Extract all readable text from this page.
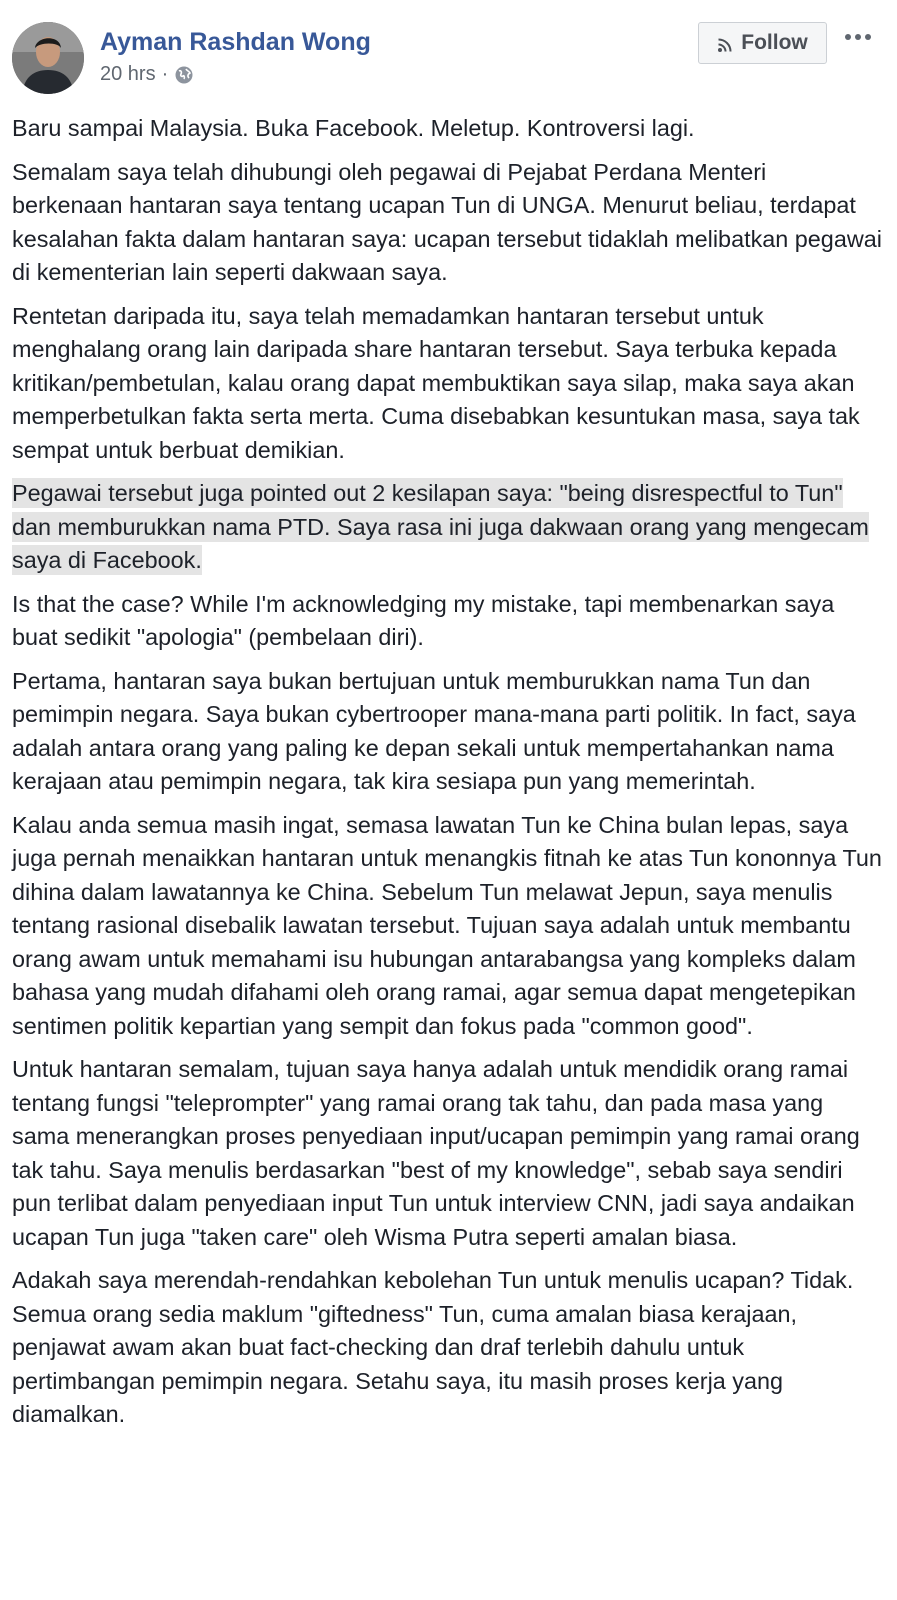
Ayman Rashdan Wong
20 hrs ·
Follow

Baru sampai Malaysia. Buka Facebook. Meletup. Kontroversi lagi.

Semalam saya telah dihubungi oleh pegawai di Pejabat Perdana Menteri berkenaan hantaran saya tentang ucapan Tun di UNGA. Menurut beliau, terdapat kesalahan fakta dalam hantaran saya: ucapan tersebut tidaklah melibatkan pegawai di kementerian lain seperti dakwaan saya.

Rentetan daripada itu, saya telah memadamkan hantaran tersebut untuk menghalang orang lain daripada share hantaran tersebut. Saya terbuka kepada kritikan/pembetulan, kalau orang dapat membuktikan saya silap, maka saya akan memperbetulkan fakta serta merta. Cuma disebabkan kesuntukan masa, saya tak sempat untuk berbuat demikian.

Pegawai tersebut juga pointed out 2 kesilapan saya: "being disrespectful to Tun" dan memburukkan nama PTD. Saya rasa ini juga dakwaan orang yang mengecam saya di Facebook.

Is that the case? While I'm acknowledging my mistake, tapi membenarkan saya buat sedikit "apologia" (pembelaan diri).

Pertama, hantaran saya bukan bertujuan untuk memburukkan nama Tun dan pemimpin negara. Saya bukan cybertrooper mana-mana parti politik. In fact, saya adalah antara orang yang paling ke depan sekali untuk mempertahankan nama kerajaan atau pemimpin negara, tak kira sesiapa pun yang memerintah.

Kalau anda semua masih ingat, semasa lawatan Tun ke China bulan lepas, saya juga pernah menaikkan hantaran untuk menangkis fitnah ke atas Tun kononnya Tun dihina dalam lawatannya ke China. Sebelum Tun melawat Jepun, saya menulis tentang rasional disebalik lawatan tersebut. Tujuan saya adalah untuk membantu orang awam untuk memahami isu hubungan antarabangsa yang kompleks dalam bahasa yang mudah difahami oleh orang ramai, agar semua dapat mengetepikan sentimen politik kepartian yang sempit dan fokus pada "common good".

Untuk hantaran semalam, tujuan saya hanya adalah untuk mendidik orang ramai tentang fungsi "teleprompter" yang ramai orang tak tahu, dan pada masa yang sama menerangkan proses penyediaan input/ucapan pemimpin yang ramai orang tak tahu. Saya menulis berdasarkan "best of my knowledge", sebab saya sendiri pun terlibat dalam penyediaan input Tun untuk interview CNN, jadi saya andaikan ucapan Tun juga "taken care" oleh Wisma Putra seperti amalan biasa.

Adakah saya merendah-rendahkan kebolehan Tun untuk menulis ucapan? Tidak. Semua orang sedia maklum "giftedness" Tun, cuma amalan biasa kerajaan, penjawat awam akan buat fact-checking dan draf terlebih dahulu untuk pertimbangan pemimpin negara. Setahu saya, itu masih proses kerja yang diamalkan.
